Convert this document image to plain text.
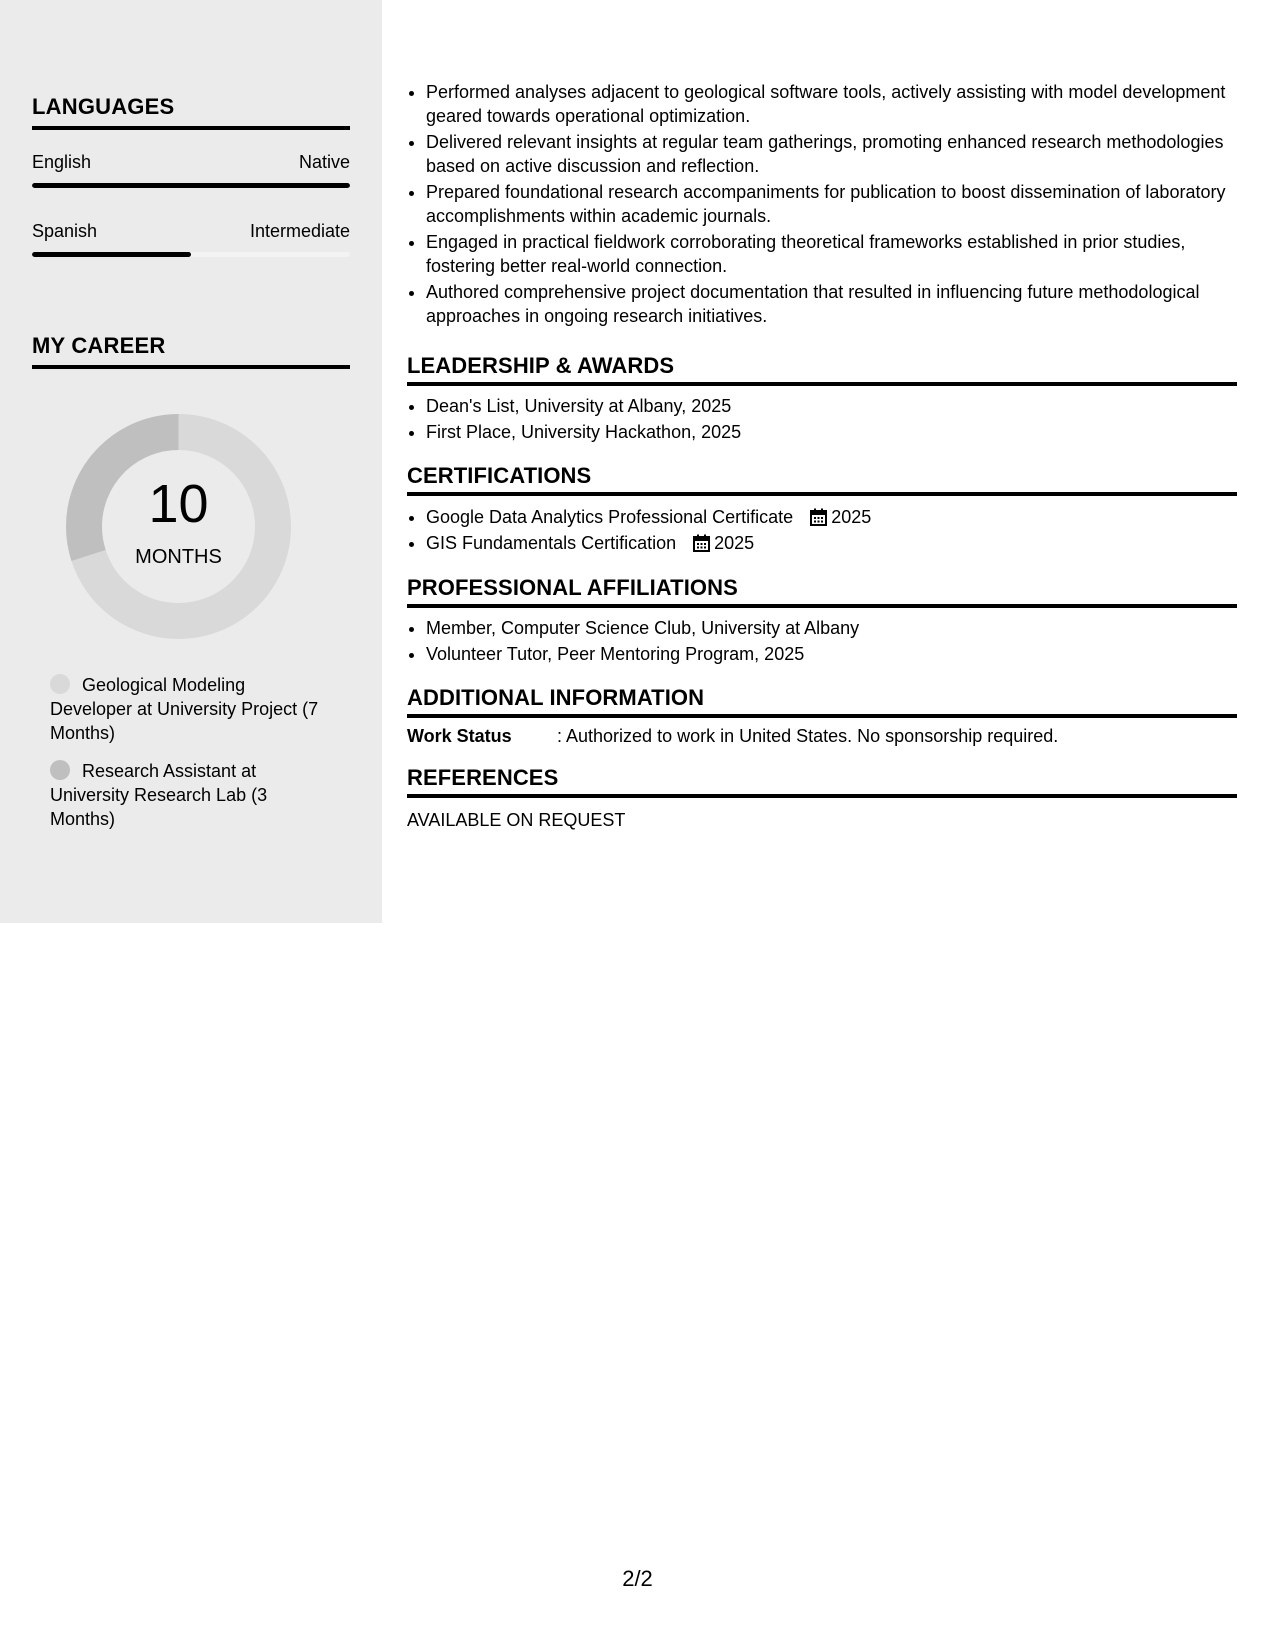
LANGUAGES
English	Native
Spanish	Intermediate
MY CAREER
10
MONTHS
Geological Modeling Developer at University Project (7 Months)
Research Assistant at University Research Lab (3 Months)
• Performed analyses adjacent to geological software tools, actively assisting with model development geared towards operational optimization.
• Delivered relevant insights at regular team gatherings, promoting enhanced research methodologies based on active discussion and reflection.
• Prepared foundational research accompaniments for publication to boost dissemination of laboratory accomplishments within academic journals.
• Engaged in practical fieldwork corroborating theoretical frameworks established in prior studies, fostering better real-world connection.
• Authored comprehensive project documentation that resulted in influencing future methodological approaches in ongoing research initiatives.
LEADERSHIP & AWARDS
• Dean's List, University at Albany, 2025
• First Place, University Hackathon, 2025
CERTIFICATIONS
• Google Data Analytics Professional Certificate 2025
• GIS Fundamentals Certification 2025
PROFESSIONAL AFFILIATIONS
• Member, Computer Science Club, University at Albany
• Volunteer Tutor, Peer Mentoring Program, 2025
ADDITIONAL INFORMATION
Work Status	: Authorized to work in United States. No sponsorship required.
REFERENCES
AVAILABLE ON REQUEST
2/2
